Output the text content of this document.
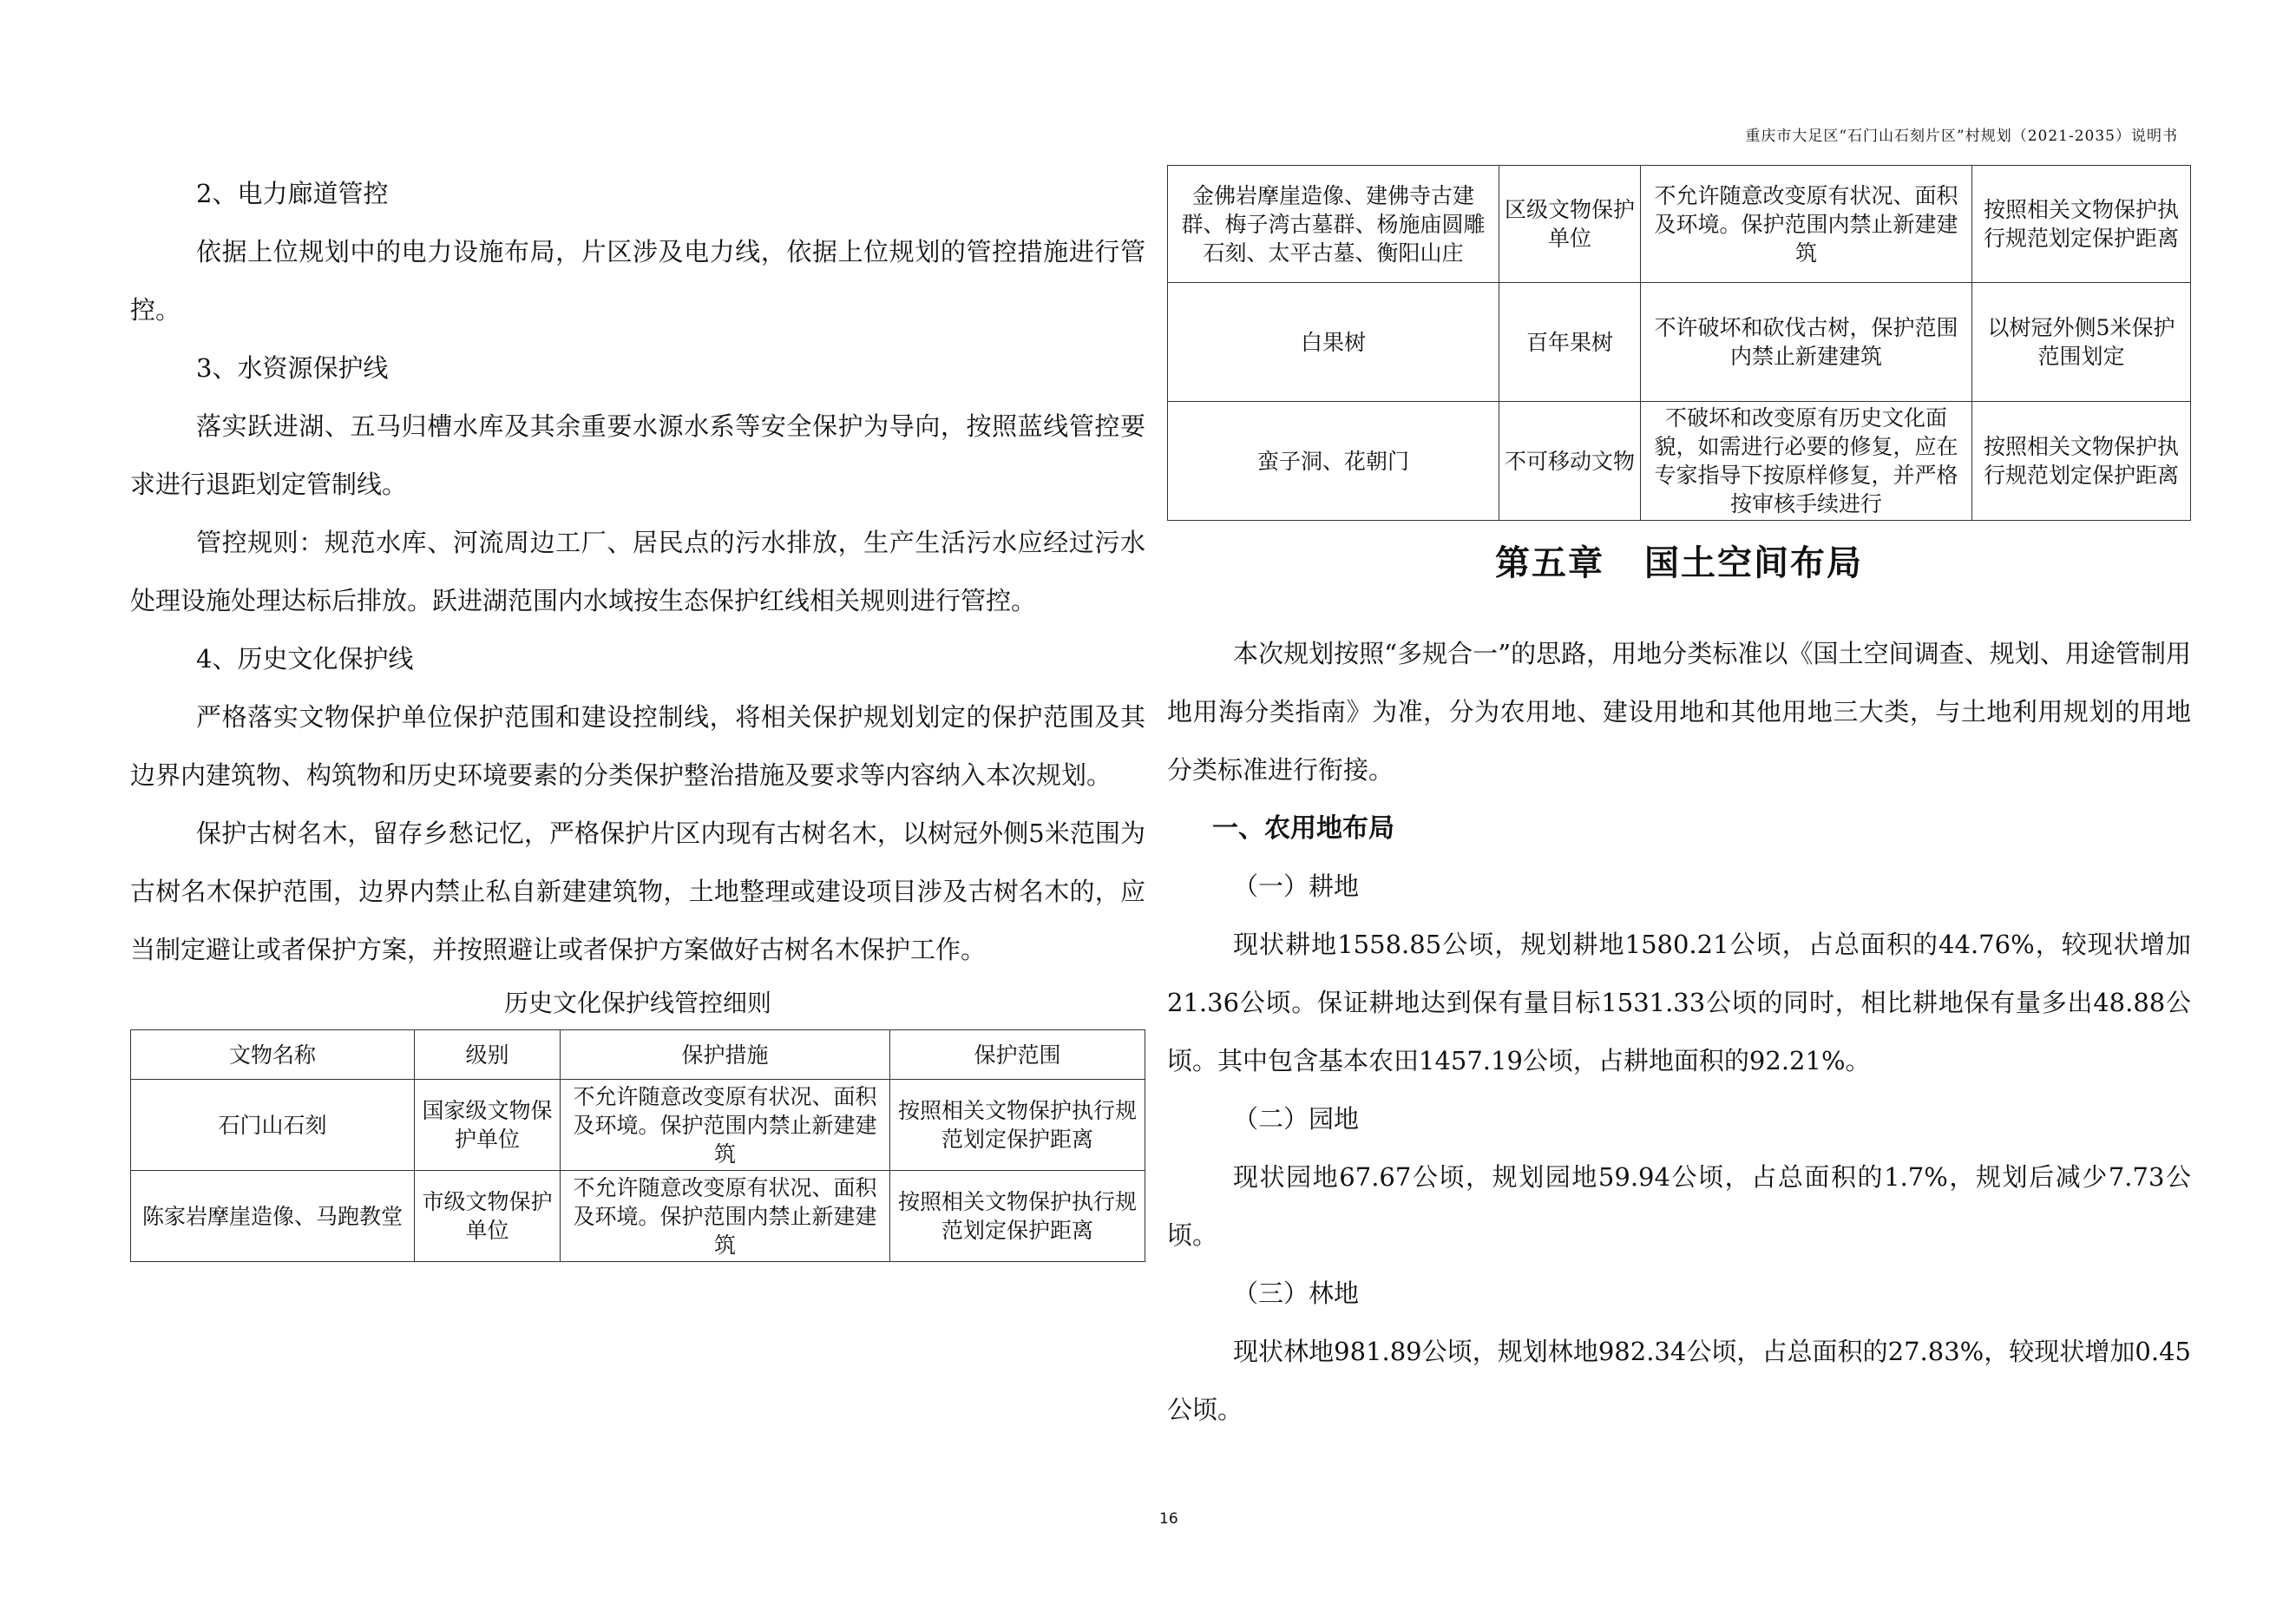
重庆市大足区“石门山石刻片区”村规划（2021-2035）说明书

2、电力廊道管控

依据上位规划中的电力设施布局，片区涉及电力线，依据上位规划的管控措施进行管控。

3、水资源保护线

落实跃进湖、五马归槽水库及其余重要水源水系等安全保护为导向，按照蓝线管控要求进行退距划定管制线。

管控规则：规范水库、河流周边工厂、居民点的污水排放，生产生活污水应经过污水处理设施处理达标后排放。跃进湖范围内水域按生态保护红线相关规则进行管控。

4、历史文化保护线

严格落实文物保护单位保护范围和建设控制线，将相关保护规划划定的保护范围及其边界内建筑物、构筑物和历史环境要素的分类保护整治措施及要求等内容纳入本次规划。

保护古树名木，留存乡愁记忆，严格保护片区内现有古树名木，以树冠外侧5米范围为古树名木保护范围，边界内禁止私自新建建筑物，土地整理或建设项目涉及古树名木的，应当制定避让或者保护方案，并按照避让或者保护方案做好古树名木保护工作。

历史文化保护线管控细则
文物名称	级别	保护措施	保护范围
石门山石刻	国家级文物保护单位	不允许随意改变原有状况、面积及环境。保护范围内禁止新建建筑	按照相关文物保护执行规范划定保护距离
陈家岩摩崖造像、马跑教堂	市级文物保护单位	不允许随意改变原有状况、面积及环境。保护范围内禁止新建建筑	按照相关文物保护执行规范划定保护距离
金佛岩摩崖造像、建佛寺古建群、梅子湾古墓群、杨施庙圆雕石刻、太平古墓、衡阳山庄	区级文物保护单位	不允许随意改变原有状况、面积及环境。保护范围内禁止新建建筑	按照相关文物保护执行规范划定保护距离
白果树	百年果树	不许破坏和砍伐古树，保护范围内禁止新建建筑	以树冠外侧5米保护范围划定
蛮子洞、花朝门	不可移动文物	不破坏和改变原有历史文化面貌，如需进行必要的修复，应在专家指导下按原样修复，并严格按审核手续进行	按照相关文物保护执行规范划定保护距离
第五章 国土空间布局

本次规划按照“多规合一”的思路，用地分类标准以《国土空间调查、规划、用途管制用地用海分类指南》为准，分为农用地、建设用地和其他用地三大类，与土地利用规划的用地分类标准进行衔接。

一、农用地布局

（一）耕地

现状耕地1558.85公顷，规划耕地1580.21公顷，占总面积的44.76%，较现状增加21.36公顷。保证耕地达到保有量目标1531.33公顷的同时，相比耕地保有量多出48.88公顷。其中包含基本农田1457.19公顷，占耕地面积的92.21%。

（二）园地

现状园地67.67公顷，规划园地59.94公顷，占总面积的1.7%，规划后减少7.73公顷。

（三）林地

现状林地981.89公顷，规划林地982.34公顷，占总面积的27.83%，较现状增加0.45公顷。

16
